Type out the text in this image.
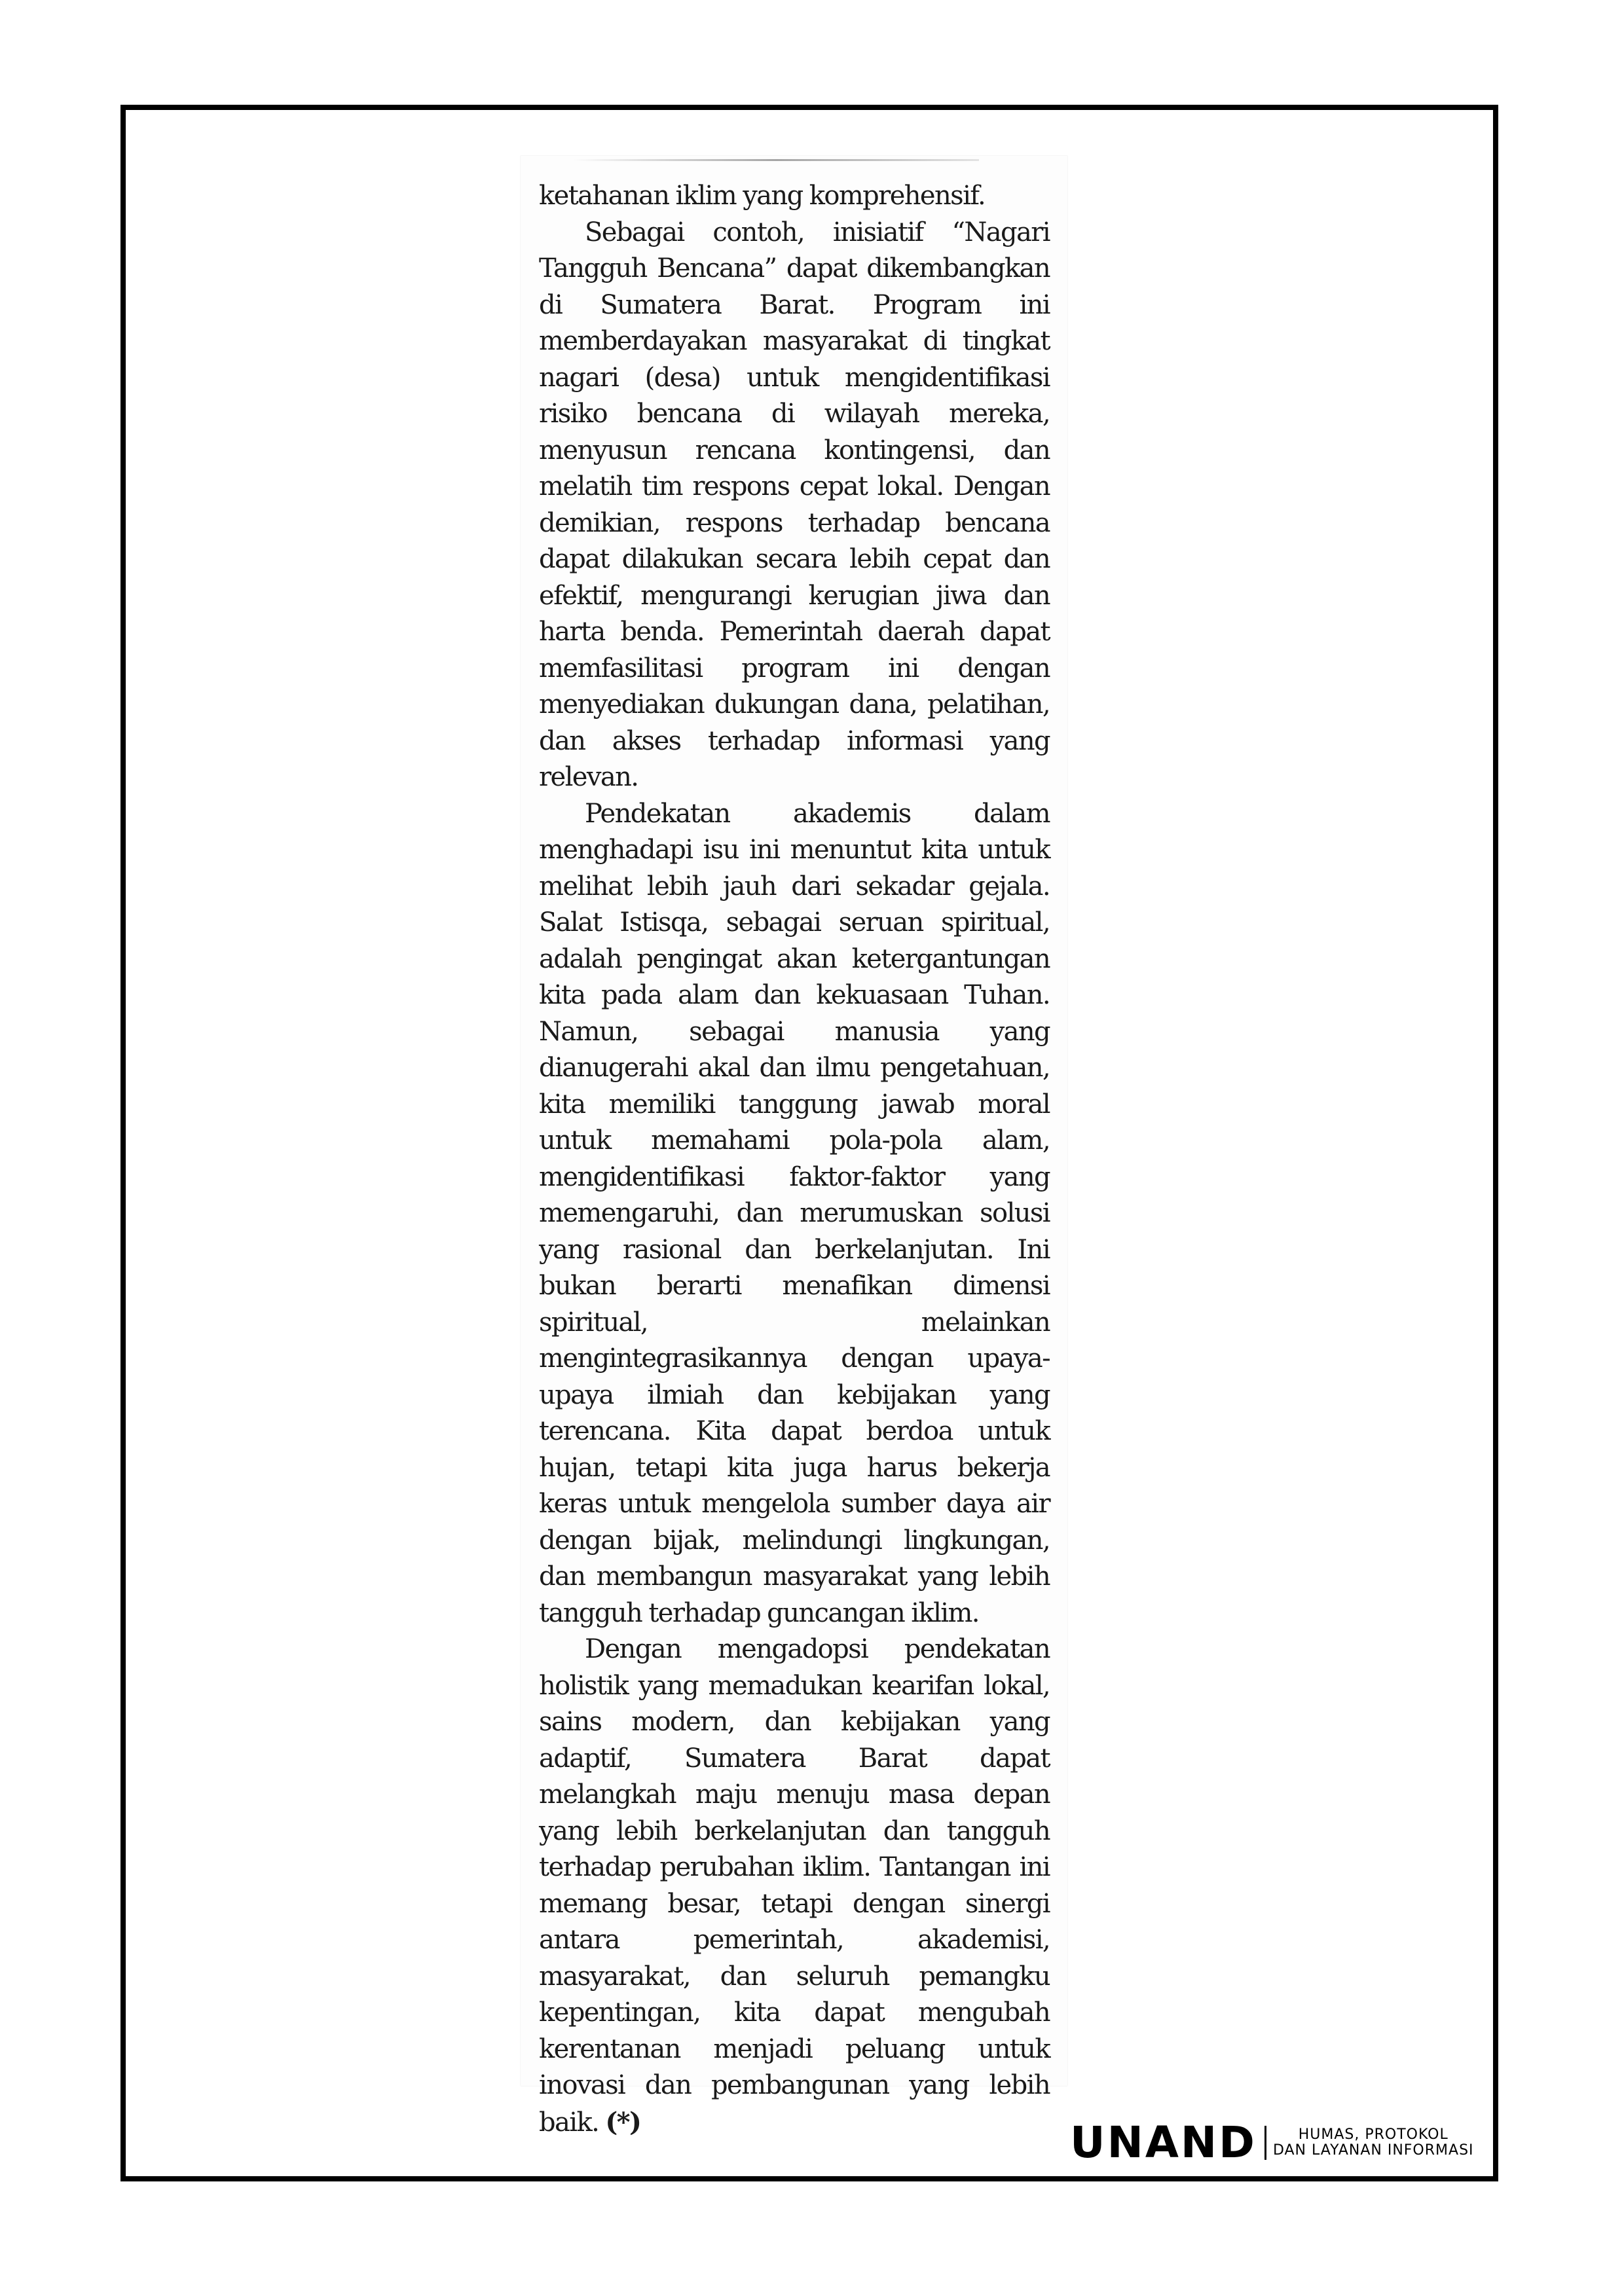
ketahanan iklim yang komprehensif.

Sebagai contoh, inisiatif “Nagari Tangguh Bencana” dapat dikembangkan di Sumatera Barat. Program ini memberdayakan masyarakat di tingkat nagari (desa) untuk mengidentifikasi risiko bencana di wilayah mereka, menyusun rencana kontingensi, dan melatih tim respons cepat lokal. Dengan demikian, respons terhadap bencana dapat dilakukan secara lebih cepat dan efektif, mengurangi kerugian jiwa dan harta benda. Pemerintah daerah dapat memfasilitasi program ini dengan menyediakan dukungan dana, pelatihan, dan akses terhadap informasi yang relevan.

Pendekatan akademis dalam menghadapi isu ini menuntut kita untuk melihat lebih jauh dari sekadar gejala. Salat Istisqa, sebagai seruan spiritual, adalah pengingat akan ketergantungan kita pada alam dan kekuasaan Tuhan. Namun, sebagai manusia yang dianugerahi akal dan ilmu pengetahuan, kita memiliki tanggung jawab moral untuk memahami pola-pola alam, mengidentifikasi faktor-faktor yang memengaruhi, dan merumuskan solusi yang rasional dan berkelanjutan. Ini bukan berarti menafikan dimensi spiritual, melainkan mengintegrasikannya dengan upaya-upaya ilmiah dan kebijakan yang terencana. Kita dapat berdoa untuk hujan, tetapi kita juga harus bekerja keras untuk mengelola sumber daya air dengan bijak, melindungi lingkungan, dan membangun masyarakat yang lebih tangguh terhadap guncangan iklim.

Dengan mengadopsi pendekatan holistik yang memadukan kearifan lokal, sains modern, dan kebijakan yang adaptif, Sumatera Barat dapat melangkah maju menuju masa depan yang lebih berkelanjutan dan tangguh terhadap perubahan iklim. Tantangan ini memang besar, tetapi dengan sinergi antara pemerintah, akademisi, masyarakat, dan seluruh pemangku kepentingan, kita dapat mengubah kerentanan menjadi peluang untuk inovasi dan pembangunan yang lebih baik. (*)	UNAND	HUMAS, PROTOKOL
DAN LAYANAN INFORMASI
